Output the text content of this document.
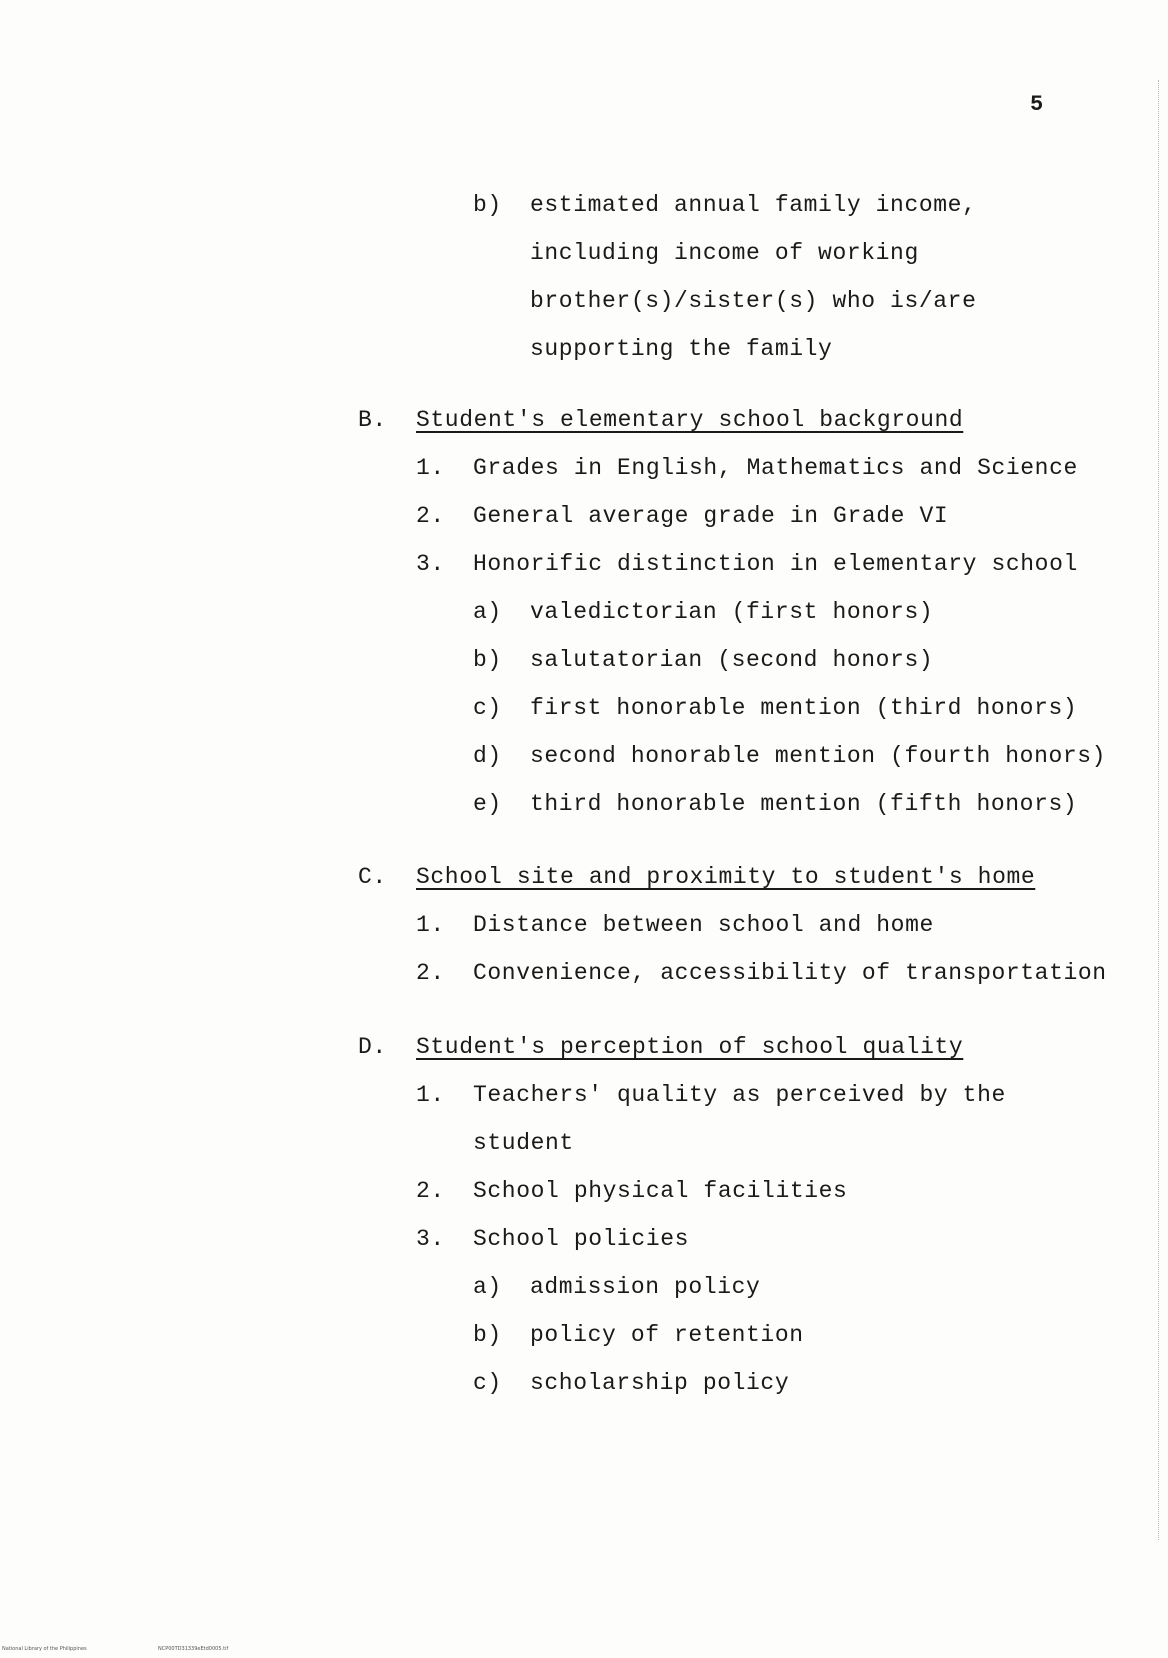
5
b) estimated annual family income,
including income of working
brother(s)/sister(s) who is/are
supporting the family
B. Student's elementary school background
1. Grades in English, Mathematics and Science
2. General average grade in Grade VI
3. Honorific distinction in elementary school
a) valedictorian (first honors)
b) salutatorian (second honors)
c) first honorable mention (third honors)
d) second honorable mention (fourth honors)
e) third honorable mention (fifth honors)
C. School site and proximity to student's home
1. Distance between school and home
2. Convenience, accessibility of transportation
D. Student's perception of school quality
1. Teachers' quality as perceived by the
student
2. School physical facilities
3. School policies
a) admission policy
b) policy of retention
c) scholarship policy
National Library of the Philippines	NCP00TD31339eEtd0005.tif
